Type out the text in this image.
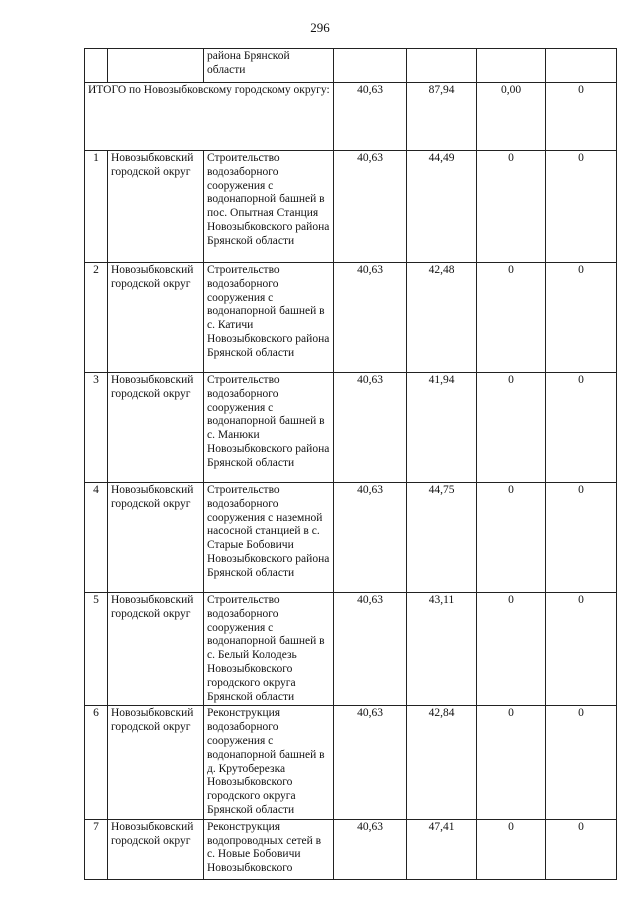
296
		района Брянской области				
ИТОГО по Новозыбковскому городскому округу:			40,63	87,94	0,00	0
1	Новозыбковский городской округ	Строительство водозаборного сооружения с водонапорной башней в пос. Опытная Станция Новозыбковского района Брянской области	40,63	44,49	0	0
2	Новозыбковский городской округ	Строительство водозаборного сооружения с водонапорной башней в с. Катичи Новозыбковского района Брянской области	40,63	42,48	0	0
3	Новозыбковский городской округ	Строительство водозаборного сооружения с водонапорной башней в с. Манюки Новозыбковского района Брянской области	40,63	41,94	0	0
4	Новозыбковский городской округ	Строительство водозаборного сооружения с наземной насосной станцией в с. Старые Бобовичи Новозыбковского района Брянской области	40,63	44,75	0	0
5	Новозыбковский городской округ	Строительство водозаборного сооружения с водонапорной башней в с. Белый Колодезь Новозыбковского городского округа Брянской области	40,63	43,11	0	0
6	Новозыбковский городской округ	Реконструкция водозаборного сооружения с водонапорной башней в д. Крутоберезка Новозыбковского городского округа Брянской области	40,63	42,84	0	0
7	Новозыбковский городской округ	Реконструкция водопроводных сетей в с. Новые Бобовичи Новозыбковского	40,63	47,41	0	0
